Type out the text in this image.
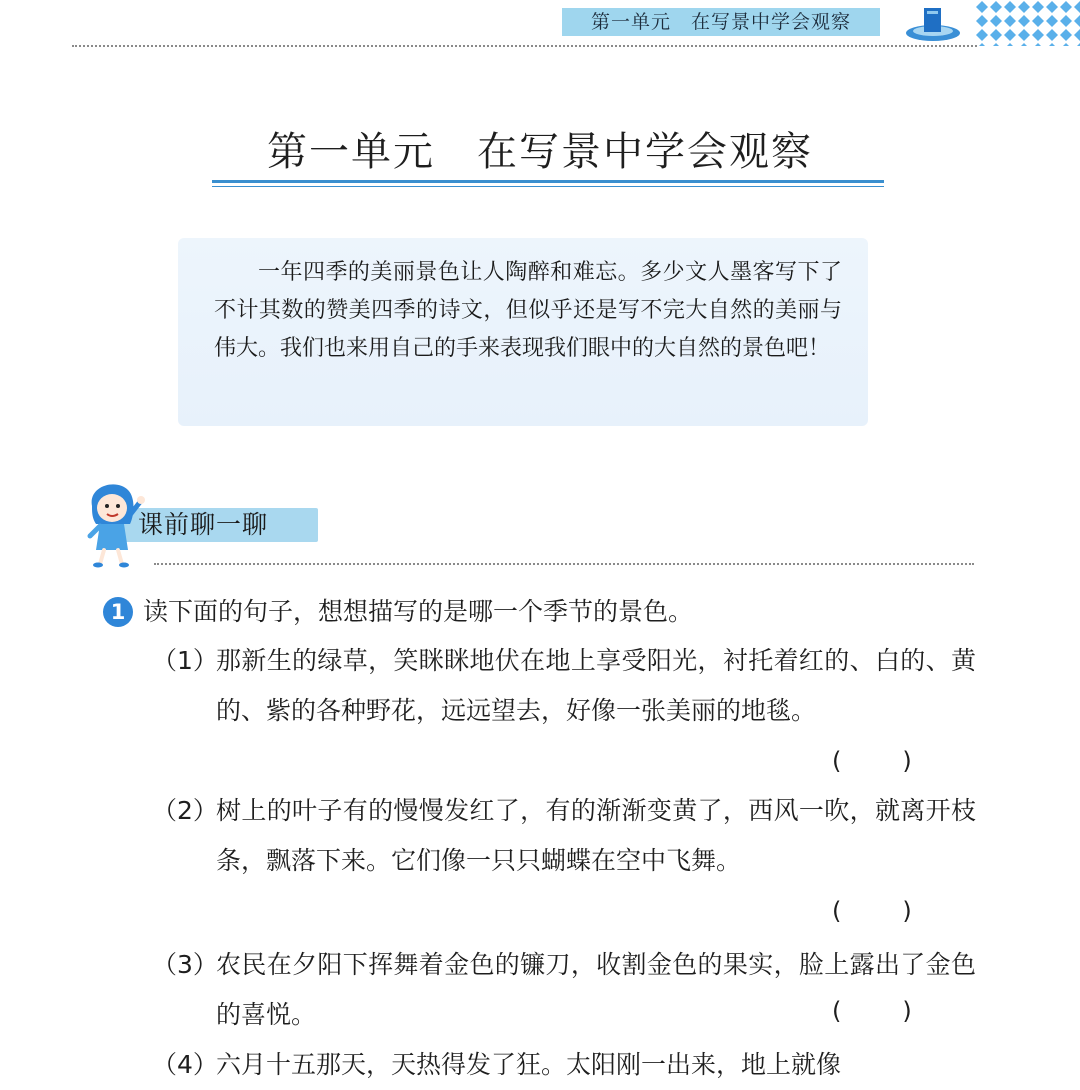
第一单元　在写景中学会观察
第一单元　在写景中学会观察
一年四季的美丽景色让人陶醉和难忘。多少文人墨客写下了不计其数的赞美四季的诗文，但似乎还是写不完大自然的美丽与伟大。我们也来用自己的手来表现我们眼中的大自然的景色吧！
课前聊一聊
1 读下面的句子，想想描写的是哪一个季节的景色。
（1）
那新生的绿草，笑眯眯地伏在地上享受阳光，衬托着红的、白的、黄的、紫的各种野花，远远望去，好像一张美丽的地毯。
(        )
（2）
树上的叶子有的慢慢发红了，有的渐渐变黄了，西风一吹，就离开枝条，飘落下来。它们像一只只蝴蝶在空中飞舞。
(        )
（3）
农民在夕阳下挥舞着金色的镰刀，收割金色的果实，脸上露出了金色的喜悦。	(        )
（4）
六月十五那天，天热得发了狂。太阳刚一出来，地上就像
